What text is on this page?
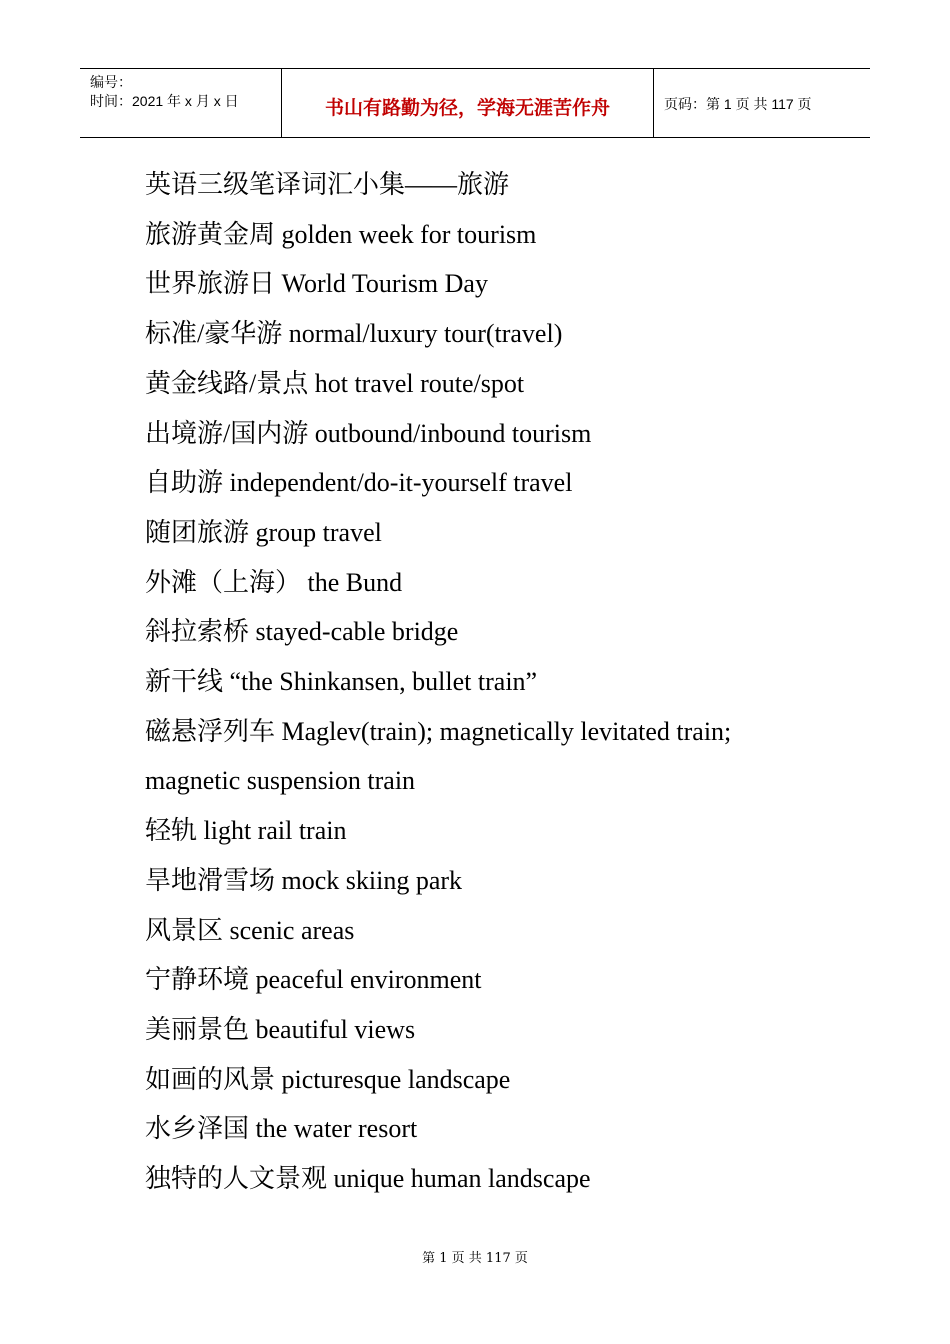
编号：
时间：2021 年 x 月 x 日	书山有路勤为径，学海无涯苦作舟	页码：第 1 页 共 117 页
英语三级笔译词汇小集——旅游
旅游黄金周 golden week for tourism
世界旅游日 World Tourism Day
标准/豪华游 normal/luxury tour(travel)
黄金线路/景点 hot travel route/spot
出境游/国内游 outbound/inbound tourism
自助游 independent/do-it-yourself travel
随团旅游 group travel
外滩（上海） the Bund
斜拉索桥 stayed-cable bridge
新干线 “the Shinkansen, bullet train”
磁悬浮列车 Maglev(train); magnetically levitated train; magnetic suspension train
轻轨 light rail train
旱地滑雪场 mock skiing park
风景区 scenic areas
宁静环境 peaceful environment
美丽景色 beautiful views
如画的风景 picturesque landscape
水乡泽国 the water resort
独特的人文景观 unique human landscape
第 1 页 共 117 页
